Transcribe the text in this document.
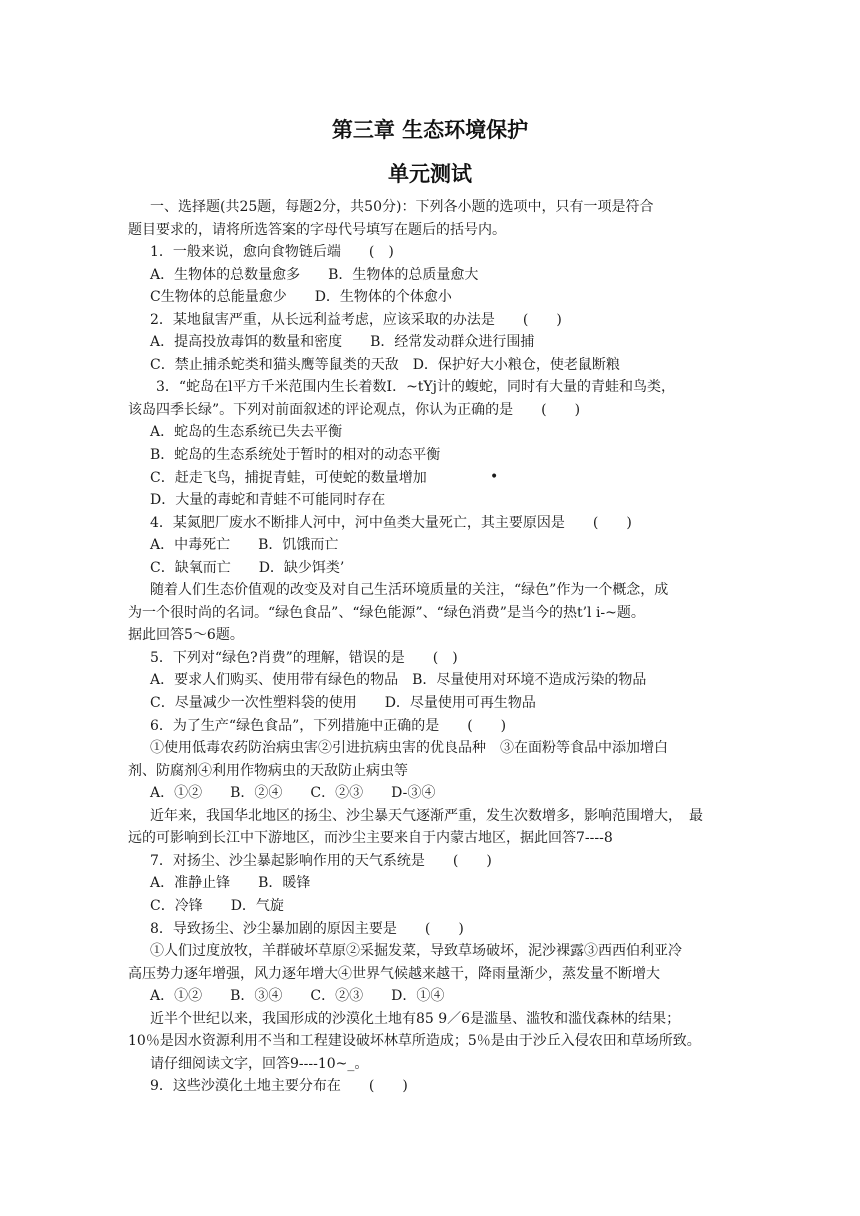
第三章 生态环境保护
单元测试
一、选择题(共25题，每题2分，共50分)：下列各小题的选项中，只有一项是符合
题目要求的，请将所选答案的字母代号填写在题后的括号内。
1．一般来说，愈向食物链后端　　(　)
A．生物体的总数量愈多　　B．生物体的总质量愈大
C生物体的总能量愈少　　D．生物体的个体愈小
2．某地鼠害严重，从长远利益考虑，应该采取的办法是　　(　　)
A．提高投放毒饵的数量和密度　　B．经常发动群众进行围捕
C．禁止捕杀蛇类和猫头鹰等鼠类的天敌　D．保护好大小粮仓，使老鼠断粮
3．“蛇岛在l平方千米范围内生长着数I．~tYj计的蝮蛇，同时有大量的青蛙和鸟类，
该岛四季长绿”。下列对前面叙述的评论观点，你认为正确的是　　(　　)
A．蛇岛的生态系统已失去平衡
B．蛇岛的生态系统处于暂时的相对的动态平衡
C．赶走飞鸟，捕捉青蛙，可使蛇的数量增加
D．大量的毒蛇和青蛙不可能同时存在
4．某氮肥厂废水不断排人河中，河中鱼类大量死亡，其主要原因是　　(　　)
A．中毒死亡　　B．饥饿而亡
C．缺氧而亡　　D．缺少饵类’
随着人们生态价值观的改变及对自己生活环境质量的关注，“绿色”作为一个概念，成
为一个很时尚的名词。“绿色食品”、“绿色能源”、“绿色消费”是当今的热t’l i-~题。
据此回答5～6题。
5．下列对“绿色?肖费”的理解，错误的是　　(　)
A．要求人们购买、使用带有绿色的物品　B．尽量使用对环境不造成污染的物品
C．尽量减少一次性塑料袋的使用　　D．尽量使用可再生物品
6．为了生产“绿色食品”，下列措施中正确的是　　(　　)
①使用低毒农药防治病虫害②引进抗病虫害的优良品种　③在面粉等食品中添加增白
剂、防腐剂④利用作物病虫的天敌防止病虫等
A．①②　　B．②④　　C．②③　　D-③④
近年来，我国华北地区的扬尘、沙尘暴天气逐渐严重，发生次数增多，影响范围增大，　最
远的可影响到长江中下游地区，而沙尘主要来自于内蒙古地区，据此回答7----8
7．对扬尘、沙尘暴起影响作用的天气系统是　　(　　)
A．准静止锋　　B．暖锋
C．冷锋　　D．气旋
8．导致扬尘、沙尘暴加剧的原因主要是　　(　　)
①人们过度放牧，羊群破坏草原②采掘发菜，导致草场破坏，泥沙裸露③西西伯利亚冷
高压势力逐年增强，风力逐年增大④世界气候越来越干，降雨量渐少，蒸发量不断增大
A．①②　　B．③④　　C．②③　　D．①④
近半个世纪以来，我国形成的沙漠化土地有85 9／6是滥垦、滥牧和滥伐森林的结果；
10％是因水资源利用不当和工程建设破坏林草所造成；5％是由于沙丘入侵农田和草场所致。
请仔细阅读文字，回答9----10~_。
9．这些沙漠化土地主要分布在　　(　　)
•
